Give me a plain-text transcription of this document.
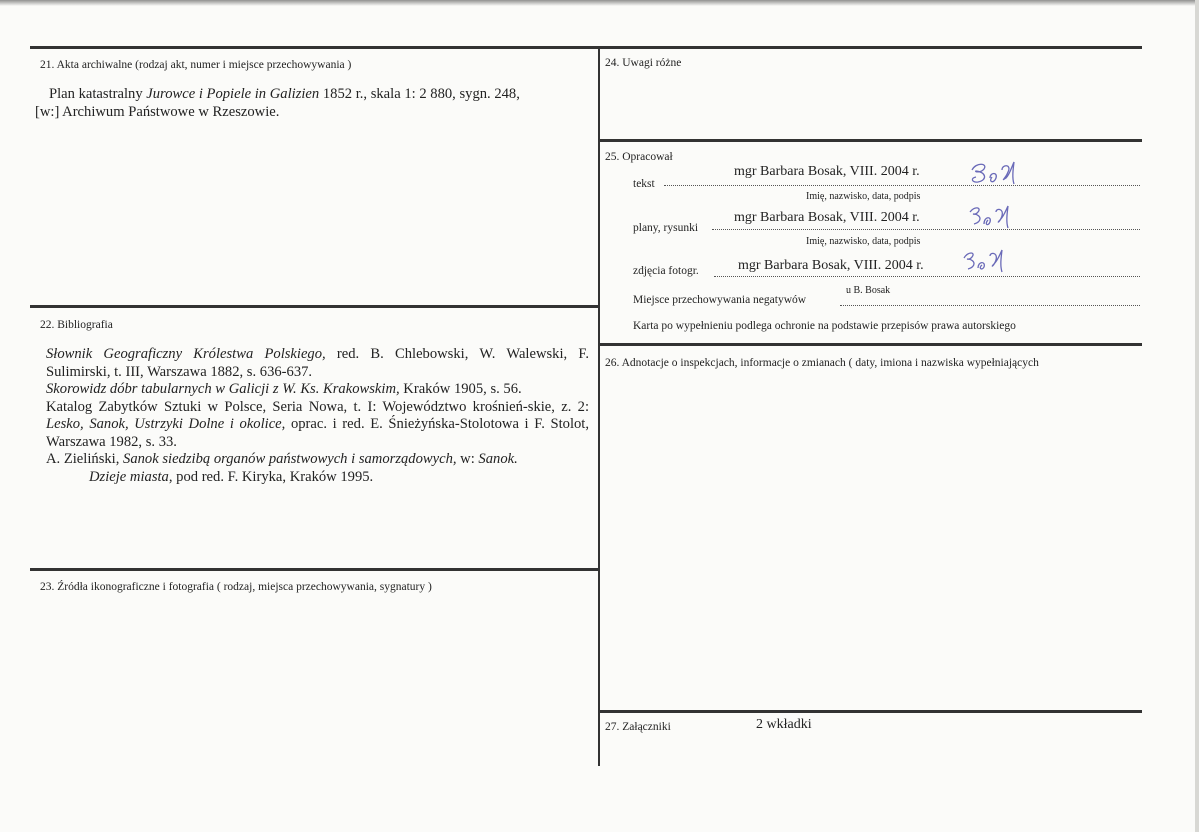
21. Akta archiwalne (rodzaj akt, numer i miejsce przechowywania )
Plan katastralny Jurowce i Popiele in Galizien 1852 r., skala 1: 2 880, sygn. 248,
[w:] Archiwum Państwowe w Rzeszowie.
22. Bibliografia

Słownik Geograficzny Królestwa Polskiego, red. B. Chlebowski, W. Walewski, F. Sulimirski, t. III, Warszawa 1882, s. 636-637.

Skorowidz dóbr tabularnych w Galicji z W. Ks. Krakowskim, Kraków 1905, s. 56.

Katalog Zabytków Sztuki w Polsce, Seria Nowa, t. I: Województwo krośnień-skie, z. 2: Lesko, Sanok, Ustrzyki Dolne i okolice, oprac. i red. E. Śnieżyńska-Stolotowa i F. Stolot, Warszawa 1982, s. 33.

A. Zieliński, Sanok siedzibą organów państwowych i samorządowych, w: Sanok.

Dzieje miasta, pod red. F. Kiryka, Kraków 1995.

23. Źródła ikonograficzne i fotografia ( rodzaj, miejsca przechowywania, sygnatury )
24. Uwagi różne
25. Opracował
tekst
mgr Barbara Bosak, VIII. 2004 r.
Imię, nazwisko, data, podpis
plany, rysunki
mgr Barbara Bosak, VIII. 2004 r.
Imię, nazwisko, data, podpis
zdjęcia fotogr.	mgr Barbara Bosak, VIII. 2004 r.
Miejsce przechowywania negatywów
u B. Bosak
Karta po wypełnieniu podlega ochronie na podstawie przepisów prawa autorskiego
26. Adnotacje o inspekcjach, informacje o zmianach ( daty, imiona i nazwiska wypełniających
27. Załączniki	2 wkładki
